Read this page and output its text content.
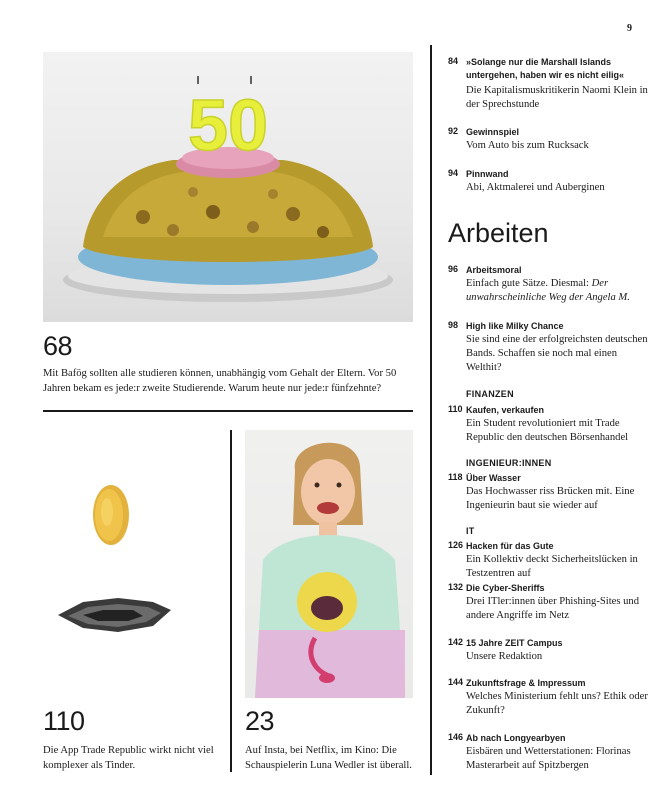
9
50
68
Mit Bafög sollten alle studieren können, unabhängig vom Gehalt der Eltern. Vor 50 Jahren bekam es jede:r zweite Studierende. Warum heute nur jede:r fünfzehnte?
110
Die App Trade Republic wirkt nicht viel komplexer als Tinder.
23
Auf Insta, bei Netflix, im Kino: Die Schauspielerin Luna Wedler ist überall.
84 »Solange nur die Marshall Islands untergehen, haben wir es nicht eilig«
Die Kapitalismuskritikerin Naomi Klein in der Sprechstunde
92 Gewinnspiel
Vom Auto bis zum Rucksack
94 Pinnwand
Abi, Aktmalerei und Auberginen
Arbeiten
96 Arbeitsmoral
Einfach gute Sätze. Diesmal: Der unwahrscheinliche Weg der Angela M.
98 High like Milky Chance
Sie sind eine der erfolgreichsten deutschen Bands. Schaffen sie noch mal einen Welthit?
FINANZEN
110 Kaufen, verkaufen
Ein Student revolutioniert mit Trade Republic den deutschen Börsenhandel
INGENIEUR:INNEN
118 Über Wasser
Das Hochwasser riss Brücken mit. Eine Ingenieurin baut sie wieder auf
IT
126 Hacken für das Gute
Ein Kollektiv deckt Sicherheitslücken in Testzentren auf
132 Die Cyber-Sheriffs
Drei ITler:innen über Phishing-Sites und andere Angriffe im Netz
142 15 Jahre ZEIT Campus
Unsere Redaktion
144 Zukunftsfrage & Impressum
Welches Ministerium fehlt uns? Ethik oder Zukunft?
146 Ab nach Longyearbyen
Eisbären und Wetterstationen: Florinas Masterarbeit auf Spitzbergen
